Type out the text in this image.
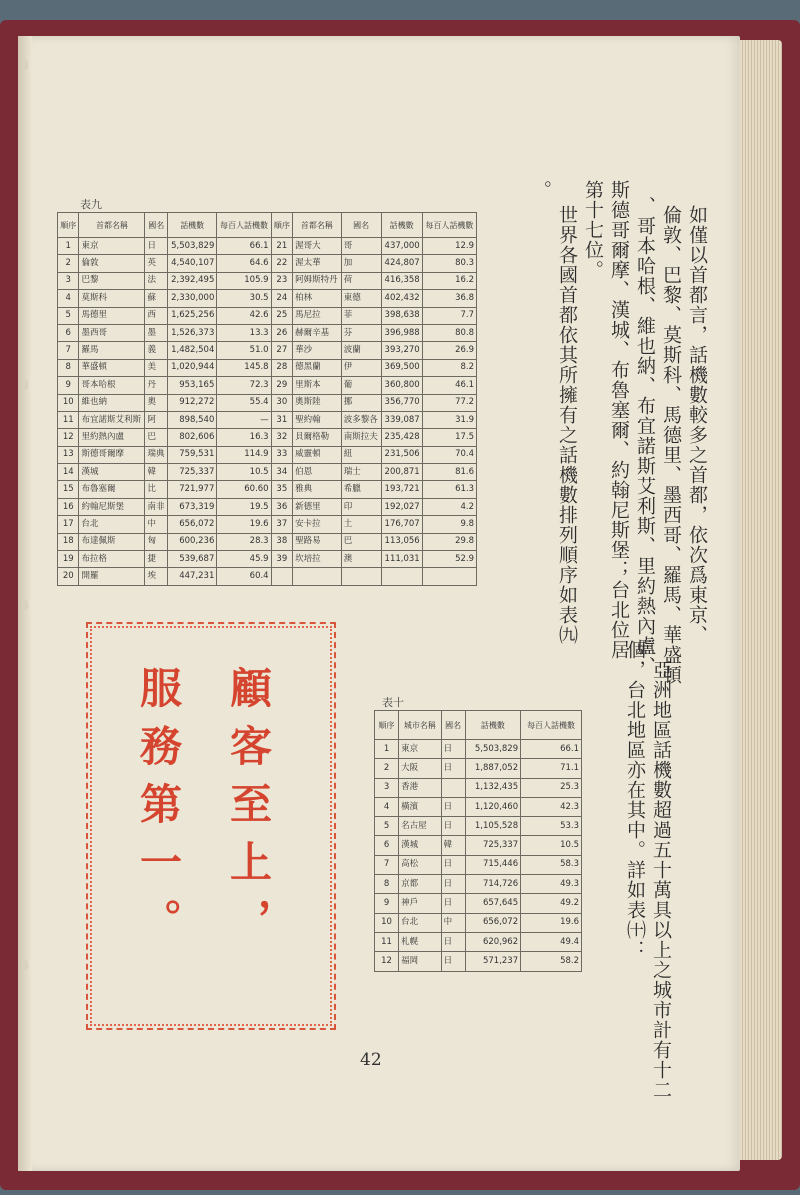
如僅以首都言，話機數較多之首都，依次爲東京、
倫敦、巴黎、莫斯科、馬德里、墨西哥、羅馬、華盛頓
、哥本哈根、維也納、布宜諾斯艾利斯、里約熱內盧、
斯德哥爾摩、漢城、布魯塞爾、約翰尼斯堡；台北位居
第十七位。
世界各國首都依其所擁有之話機數排列順序如表㈨
。
表九
順序	首都名稱	國名	話機數	每百人話機數	順序	首都名稱	國名	話機數	每百人話機數
1	東京	日	5,503,829	66.1	21	渥哥大	哥	437,000	12.9
2	倫敦	英	4,540,107	64.6	22	渥太華	加	424,807	80.3
3	巴黎	法	2,392,495	105.9	23	阿姆斯特丹	荷	416,358	16.2
4	莫斯科	蘇	2,330,000	30.5	24	柏林	東德	402,432	36.8
5	馬德里	西	1,625,256	42.6	25	馬尼拉	菲	398,638	7.7
6	墨西哥	墨	1,526,373	13.3	26	赫爾辛基	芬	396,988	80.8
7	羅馬	義	1,482,504	51.0	27	華沙	波蘭	393,270	26.9
8	華盛頓	美	1,020,944	145.8	28	德黑蘭	伊	369,500	8.2
9	哥本哈根	丹	953,165	72.3	29	里斯本	葡	360,800	46.1
10	維也納	奧	912,272	55.4	30	奧斯陸	挪	356,770	77.2
11	布宜諾斯艾利斯	阿	898,540	—	31	聖約翰	波多黎各	339,087	31.9
12	里約熱內盧	巴	802,606	16.3	32	貝爾格勒	南斯拉夫	235,428	17.5
13	斯德哥爾摩	瑞典	759,531	114.9	33	威靈頓	紐	231,506	70.4
14	漢城	韓	725,337	10.5	34	伯恩	瑞士	200,871	81.6
15	布魯塞爾	比	721,977	60.60	35	雅典	希臘	193,721	61.3
16	約翰尼斯堡	南非	673,319	19.5	36	新德里	印	192,027	4.2
17	台北	中	656,072	19.6	37	安卡拉	土	176,707	9.8
18	布達佩斯	匈	600,236	28.3	38	聖路易	巴	113,056	29.8
19	布拉格	捷	539,687	45.9	39	坎培拉	澳	111,031	52.9
20	開羅	埃	447,231	60.4					
表十
順序	城市名稱	國名	話機數	每百人話機數
1	東京	日	5,503,829	66.1
2	大阪	日	1,887,052	71.1
3	香港		1,132,435	25.3
4	橫濱	日	1,120,460	42.3
5	名古屋	日	1,105,528	53.3
6	漢城	韓	725,337	10.5
7	高松	日	715,446	58.3
8	京都	日	714,726	49.3
9	神戶	日	657,645	49.2
10	台北	中	656,072	19.6
11	札幌	日	620,962	49.4
12	福岡	日	571,237	58.2	亞洲地區話機數超過五十萬具以上之城市計有十二
個，台北地區亦在其中。詳如表㈩：
顧客至上，
服務第一。
42
